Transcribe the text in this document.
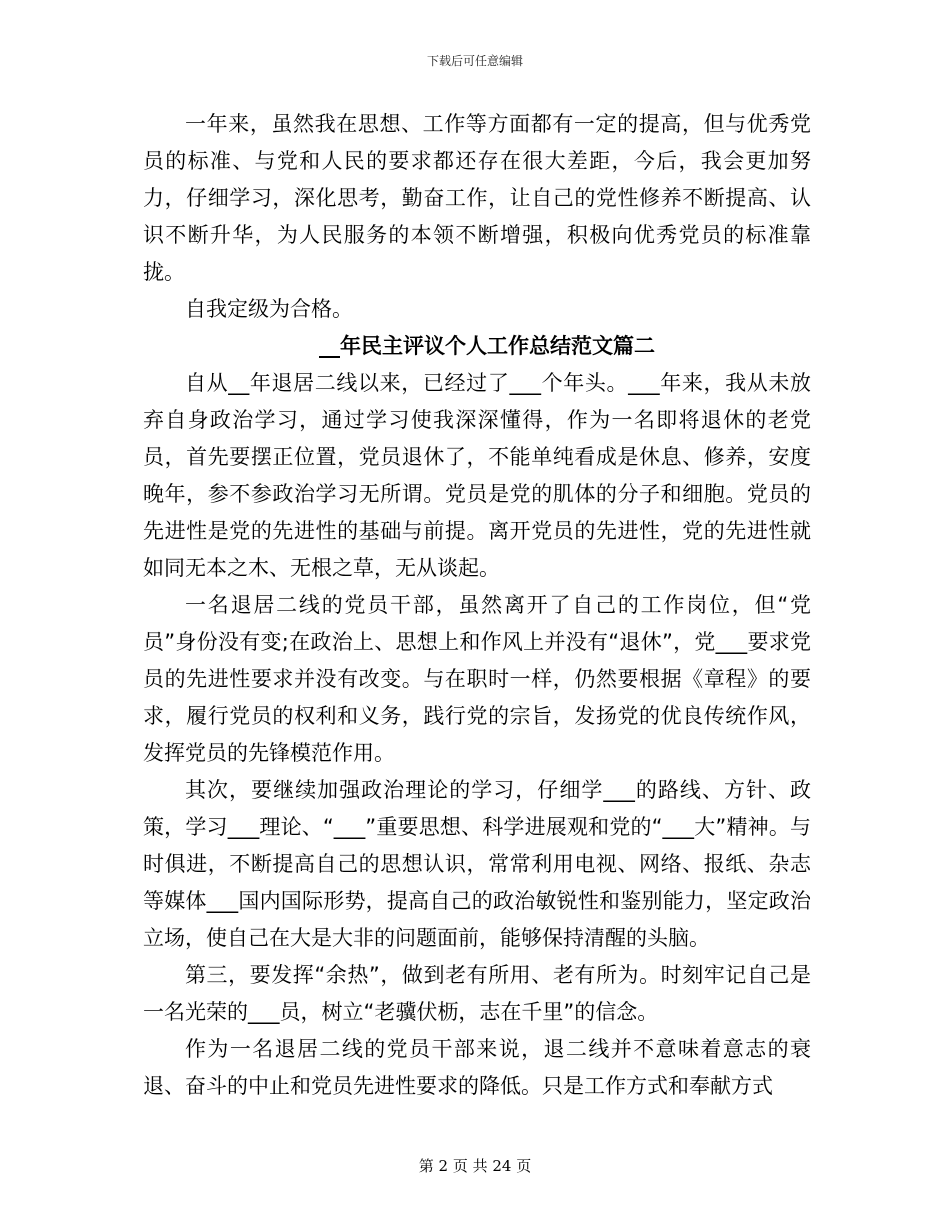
下载后可任意编辑

一年来，虽然我在思想、工作等方面都有一定的提高，但与优秀党员的标准、与党和人民的要求都还存在很大差距，今后，我会更加努力，仔细学习，深化思考，勤奋工作，让自己的党性修养不断提高、认识不断升华，为人民服务的本领不断增强，积极向优秀党员的标准靠拢。

自我定级为合格。

__年民主评议个人工作总结范文篇二

自从__年退居二线以来，已经过了___个年头。___年来，我从未放弃自身政治学习，通过学习使我深深懂得，作为一名即将退休的老党员，首先要摆正位置，党员退休了，不能单纯看成是休息、修养，安度晚年，参不参政治学习无所谓。党员是党的肌体的分子和细胞。党员的先进性是党的先进性的基础与前提。离开党员的先进性，党的先进性就如同无本之木、无根之草，无从谈起。

一名退居二线的党员干部，虽然离开了自己的工作岗位，但“党员”身份没有变;在政治上、思想上和作风上并没有“退休”，党___要求党员的先进性要求并没有改变。与在职时一样，仍然要根据《章程》的要求，履行党员的权利和义务，践行党的宗旨，发扬党的优良传统作风，发挥党员的先锋模范作用。

其次，要继续加强政治理论的学习，仔细学___的路线、方针、政策，学习___理论、“___”重要思想、科学进展观和党的“___大”精神。与时俱进，不断提高自己的思想认识，常常利用电视、网络、报纸、杂志等媒体___国内国际形势，提高自己的政治敏锐性和鉴别能力，坚定政治立场，使自己在大是大非的问题面前，能够保持清醒的头脑。

第三，要发挥“余热”，做到老有所用、老有所为。时刻牢记自己是一名光荣的___员，树立“老骥伏枥，志在千里”的信念。

作为一名退居二线的党员干部来说，退二线并不意味着意志的衰退、奋斗的中止和党员先进性要求的降低。只是工作方式和奉献方式

第 2 页 共 24 页
